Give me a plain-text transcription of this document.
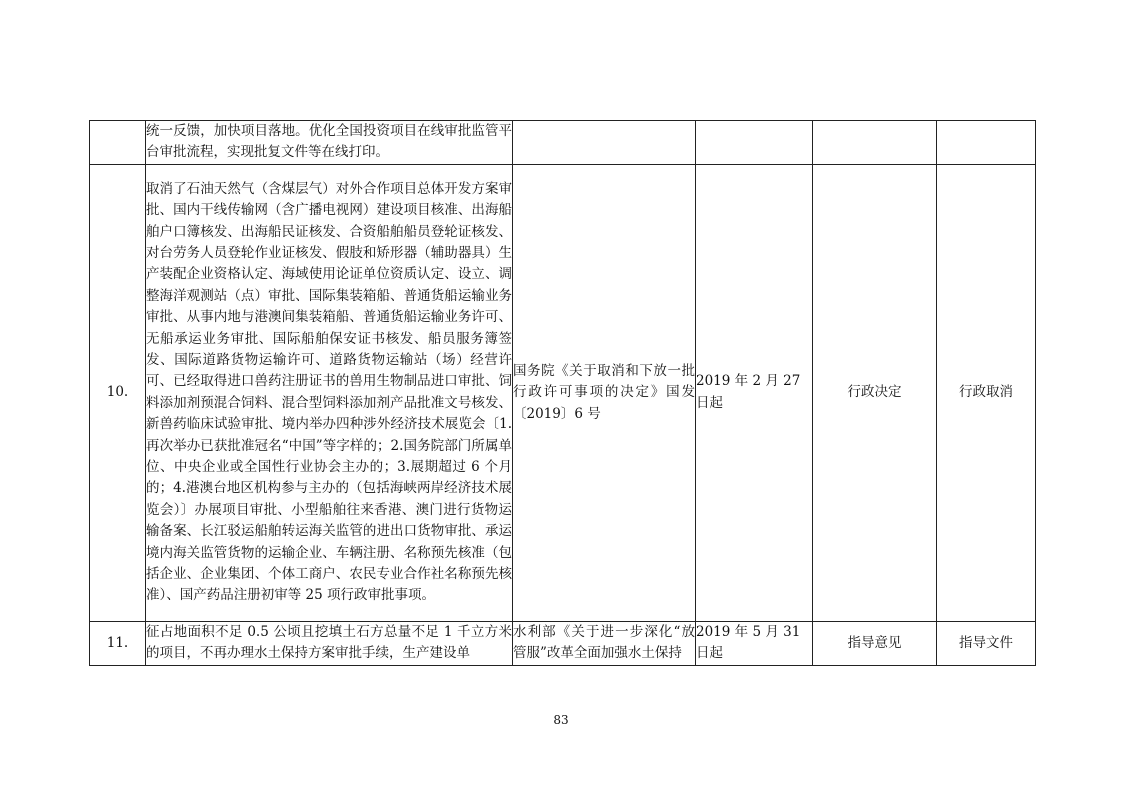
	统一反馈，加快项目落地。优化全国投资项目在线审批监管平台审批流程，实现批复文件等在线打印。				
10.	取消了石油天然气（含煤层气）对外合作项目总体开发方案审批、国内干线传输网（含广播电视网）建设项目核准、出海船舶户口簿核发、出海船民证核发、合资船舶船员登轮证核发、对台劳务人员登轮作业证核发、假肢和矫形器（辅助器具）生产装配企业资格认定、海域使用论证单位资质认定、设立、调整海洋观测站（点）审批、国际集装箱船、普通货船运输业务审批、从事内地与港澳间集装箱船、普通货船运输业务许可、无船承运业务审批、国际船舶保安证书核发、船员服务簿签发、国际道路货物运输许可、道路货物运输站（场）经营许可、已经取得进口兽药注册证书的兽用生物制品进口审批、饲料添加剂预混合饲料、混合型饲料添加剂产品批准文号核发、新兽药临床试验审批、境内举办四种涉外经济技术展览会〔1.再次举办已获批准冠名“中国”等字样的；2.国务院部门所属单位、中央企业或全国性行业协会主办的；3.展期超过 6 个月的；4.港澳台地区机构参与主办的（包括海峡两岸经济技术展览会）〕办展项目审批、小型船舶往来香港、澳门进行货物运输备案、长江驳运船舶转运海关监管的进出口货物审批、承运境内海关监管货物的运输企业、车辆注册、名称预先核准（包括企业、企业集团、个体工商户、农民专业合作社名称预先核准）、国产药品注册初审等 25 项行政审批事项。	国务院《关于取消和下放一批行政许可事项的决定》国发〔2019〕6 号	2019 年 2 月 27 日起	行政决定	行政取消
11.	征占地面积不足 0.5 公顷且挖填土石方总量不足 1 千立方米的项目，不再办理水土保持方案审批手续，生产建设单	水利部《关于进一步深化“放管服”改革全面加强水土保持	2019 年 5 月 31 日起	指导意见	指导文件
83
